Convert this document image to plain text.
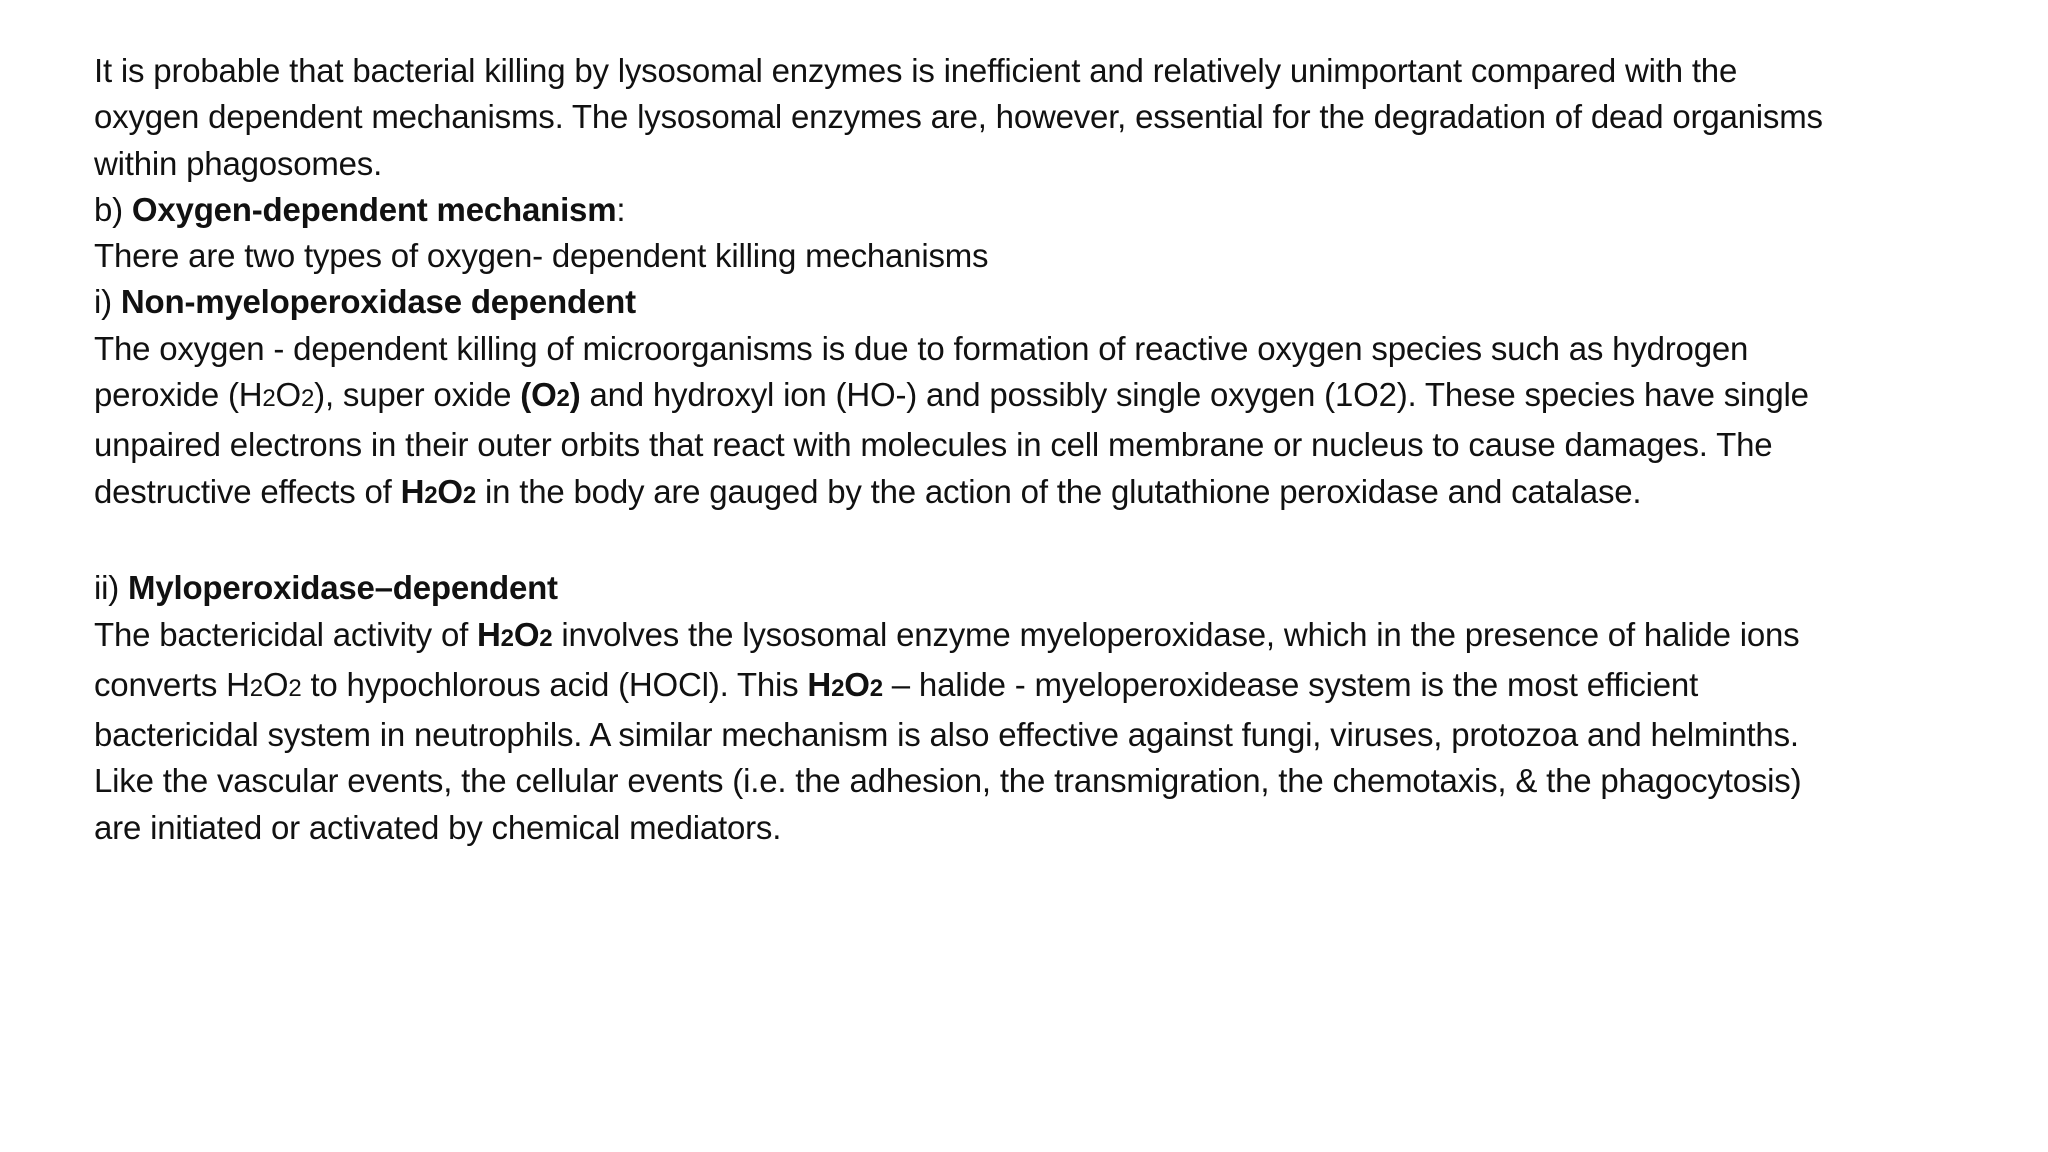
It is probable that bacterial killing by lysosomal enzymes is inefficient and relatively unimportant compared with the
oxygen dependent mechanisms. The lysosomal enzymes are, however, essential for the degradation of dead organisms
within phagosomes.
b) Oxygen-dependent mechanism:
There are two types of oxygen- dependent killing mechanisms
i) Non-myeloperoxidase dependent
The oxygen - dependent killing of microorganisms is due to formation of reactive oxygen species such as hydrogen
peroxide (H2O2), super oxide (O2) and hydroxyl ion (HO-) and possibly single oxygen (1O2). These species have single
unpaired electrons in their outer orbits that react with molecules in cell membrane or nucleus to cause damages. The
destructive effects of H2O2 in the body are gauged by the action of the glutathione peroxidase and catalase.
ii) Myloperoxidase–dependent
The bactericidal activity of H2O2 involves the lysosomal enzyme myeloperoxidase, which in the presence of halide ions
converts H2O2 to hypochlorous acid (HOCl). This H2O2 – halide - myeloperoxidease system is the most efficient
bactericidal system in neutrophils. A similar mechanism is also effective against fungi, viruses, protozoa and helminths.
Like the vascular events, the cellular events (i.e. the adhesion, the transmigration, the chemotaxis, & the phagocytosis)
are initiated or activated by chemical mediators.
